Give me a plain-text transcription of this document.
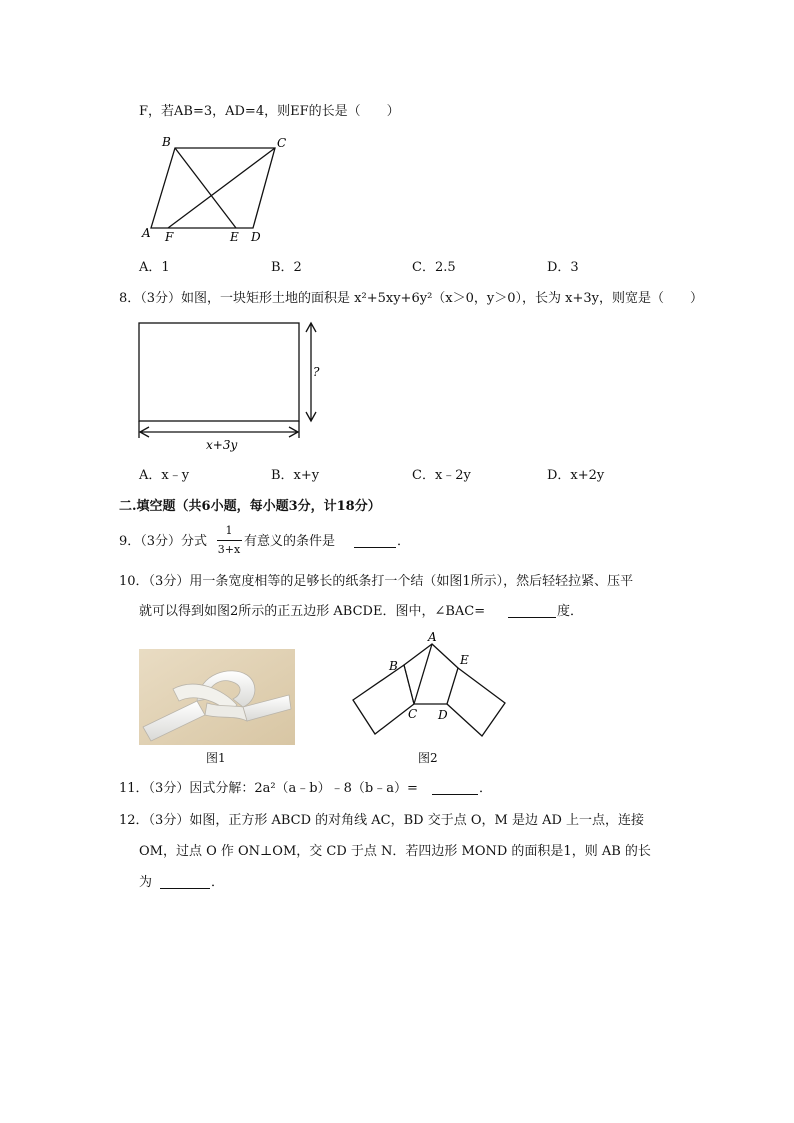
F，若AB=3，AD=4，则EF的长是（　　）
B	C
A F	E D
A．1	B．2	C．2.5	D．3
8．（3分）如图，一块矩形土地的面积是 x²+5xy+6y²（x＞0，y＞0），长为 x+3y，则宽是（　　）
?
x+3y
A．x﹣y	B．x+y	C．x﹣2y	D．x+2y
二.填空题（共6小题，每小题3分，计18分）
9．（3分）分式
1
3+x
有意义的条件是	．
10．（3分）用一条宽度相等的足够长的纸条打一个结（如图1所示），然后轻轻拉紧、压平
就可以得到如图2所示的正五边形 ABCDE．图中，∠BAC=	度．
图1
A
B
C D
E
图2
11．（3分）因式分解：2a²（a﹣b）﹣8（b﹣a）=	．
12．（3分）如图，正方形 ABCD 的对角线 AC，BD 交于点 O，M 是边 AD 上一点，连接
OM，过点 O 作 ON⊥OM，交 CD 于点 N．若四边形 MOND 的面积是1，则 AB 的长
为	．
